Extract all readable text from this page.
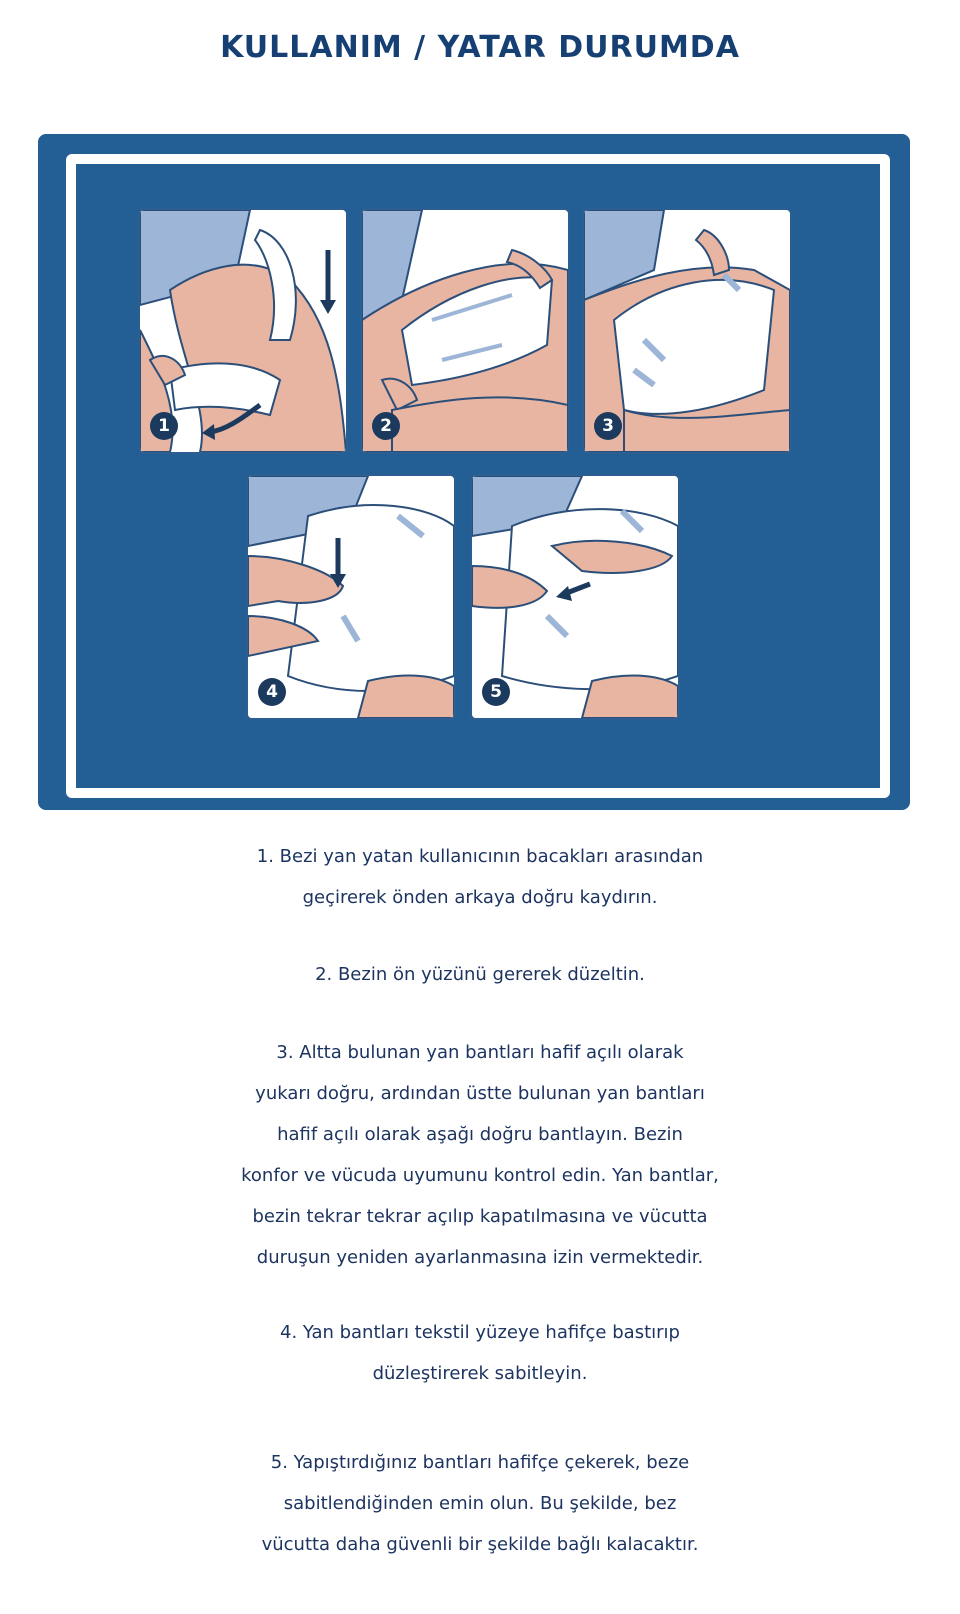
KULLANIM / YATAR DURUMDA
1	2	3
4	5
1. Bezi yan yatan kullanıcının bacakları arasından
geçirerek önden arkaya doğru kaydırın.
2. Bezin ön yüzünü gererek düzeltin.
3. Altta bulunan yan bantları hafif açılı olarak
yukarı doğru, ardından üstte bulunan yan bantları
hafif açılı olarak aşağı doğru bantlayın. Bezin
konfor ve vücuda uyumunu kontrol edin. Yan bantlar,
bezin tekrar tekrar açılıp kapatılmasına ve vücutta
duruşun yeniden ayarlanmasına izin vermektedir.
4. Yan bantları tekstil yüzeye hafifçe bastırıp
düzleştirerek sabitleyin.
5. Yapıştırdığınız bantları hafifçe çekerek, beze
sabitlendiğinden emin olun. Bu şekilde, bez
vücutta daha güvenli bir şekilde bağlı kalacaktır.
